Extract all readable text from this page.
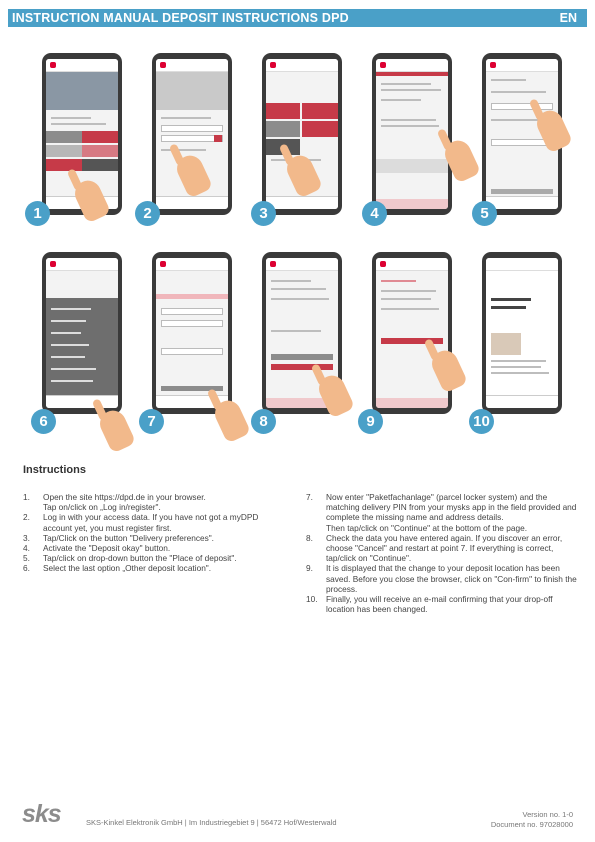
INSTRUCTION MANUAL DEPOSIT INSTRUCTIONS DPD	EN
1	2	3	4	5
6	7	8	9	10
Instructions
1. Open the site https://dpd.de in your browser.
Tap on/click on „Log in/register".
2. Log in with your access data. If you have not got a myDPD account yet, you must register first.
3. Tap/Click on the button "Delivery preferences".
4. Activate the "Deposit okay" button.
5. Tap/click on drop-down button the "Place of deposit".
6. Select the last option „Other deposit location".
7. Now enter "Paketfachanlage" (parcel locker system) and the matching delivery PIN from your mysks app in the field provided and complete the missing name and address details.
Then tap/click on "Continue" at the bottom of the page.
8. Check the data you have entered again. If you discover an error, choose "Cancel" and restart at point 7. If everything is correct, tap/click on "Continue".
9. It is displayed that the change to your deposit location has been saved. Before you close the browser, click on "Con-firm" to finish the process.
10. Finally, you will receive an e-mail confirming that your drop-off location has been changed.
sks	SKS-Kinkel Elektronik GmbH | Im Industriegebiet 9 | 56472 Hof/Westerwald
Version no. 1-0
Document no. 97028000
